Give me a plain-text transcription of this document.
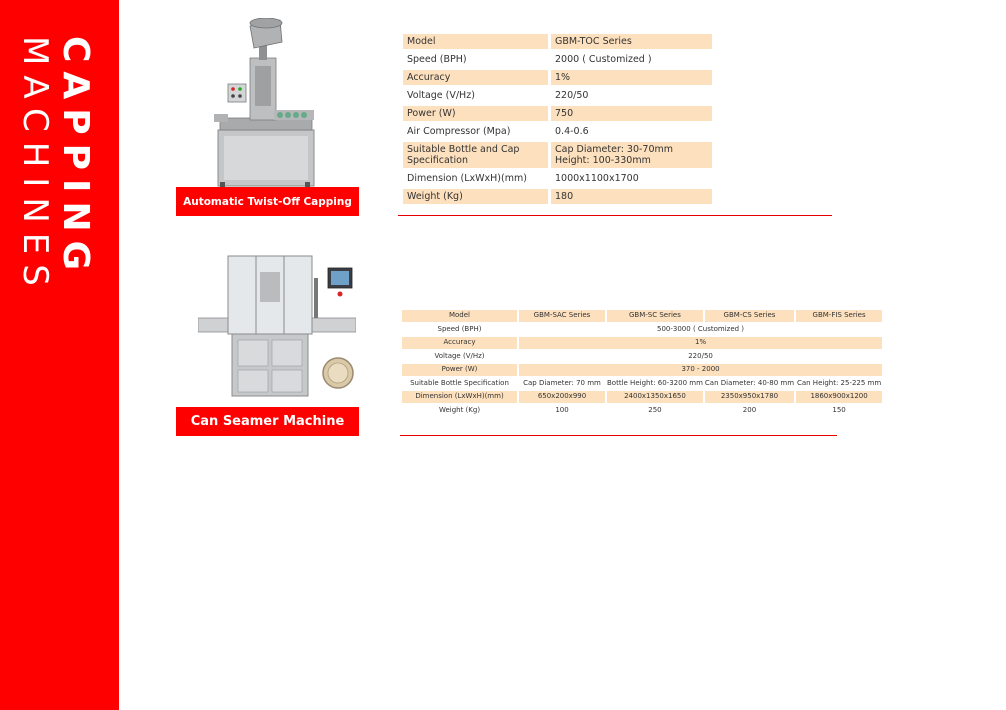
CAPPING
MACHINES	Automatic Twist-Off Capping
Can Seamer Machine
Model	GBM-TOC Series
Speed (BPH)	2000 ( Customized )
Accuracy	1%
Voltage (V/Hz)	220/50
Power (W)	750
Air Compressor (Mpa)	0.4-0.6
Suitable Bottle and Cap Specification	Cap Diameter: 30-70mm Height: 100-330mm
Dimension (LxWxH)(mm)	1000x1100x1700
Weight (Kg)	180
Model	GBM-SAC Series	GBM-SC Series	GBM-CS Series	GBM-FIS Series
Speed (BPH)	500-3000 ( Customized )			
Accuracy	1%			
Voltage (V/Hz)	220/50			
Power (W)	370 - 2000			
Suitable Bottle Specification	Cap Diameter: 70 mm	Bottle Height: 60-3200 mm	Can Diameter: 40-80 mm	Can Height: 25-225 mm
Dimension (LxWxH)(mm)	650x200x990	2400x1350x1650	2350x950x1780	1860x900x1200
Weight (Kg)	100	250	200	150
